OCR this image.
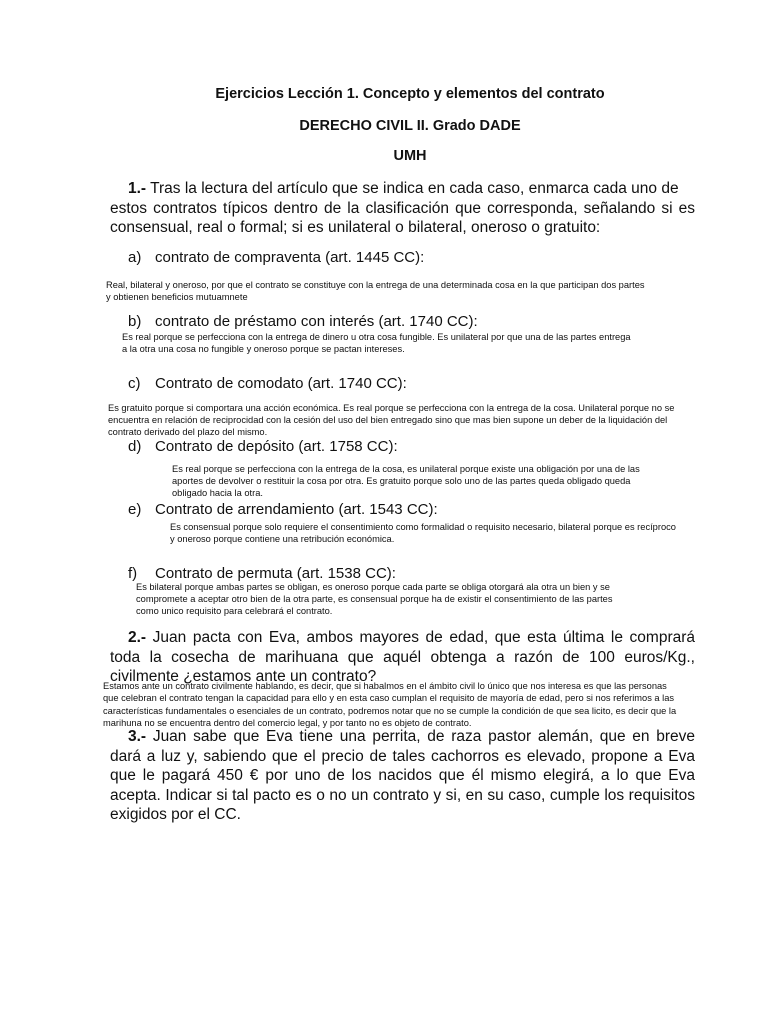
Ejercicios Lección 1. Concepto y elementos del contrato
DERECHO CIVIL II. Grado DADE
UMH
1.- Tras la lectura del artículo que se indica en cada caso, enmarca cada uno de
estos contratos típicos dentro de la clasificación que corresponda, señalando si es
consensual, real o formal; si es unilateral o bilateral, oneroso o gratuito:
a) contrato de compraventa (art. 1445 CC):

Real, bilateral y oneroso, por que el contrato se constituye con la entrega de una determinada cosa en la que participan dos partes

y obtienen beneficios mutuamnete

b) contrato de préstamo con interés (art. 1740 CC):

Es real porque se perfecciona con la entrega de dinero u otra cosa fungible. Es unilateral por que una de las partes entrega

a la otra una cosa no fungible y oneroso porque se pactan intereses.

c) Contrato de comodato (art. 1740 CC):

Es gratuito porque si comportara una acción económica. Es real porque se perfecciona con la entrega de la cosa. Unilateral porque no se

encuentra en relación de reciprocidad con la cesión del uso del bien entregado sino que mas bien supone un deber de la liquidación del

contrato derivado del plazo del mismo.

d) Contrato de depósito (art. 1758 CC):

Es real porque se perfecciona con la entrega de la cosa, es unilateral porque existe una obligación por una de las

aportes de devolver o restituir la cosa por otra. Es gratuito porque solo uno de las partes queda obligado queda

obligado hacia la otra.

e) Contrato de arrendamiento (art. 1543 CC):

Es consensual porque solo requiere el consentimiento como formalidad o requisito necesario, bilateral porque es recíproco

y oneroso porque contiene una retribución económica.

f) Contrato de permuta (art. 1538 CC):

Es bilateral porque ambas partes se obligan, es oneroso porque cada parte se obliga otorgará ala otra un bien y se

compromete a aceptar otro bien de la otra parte, es consensual porque ha de existir el consentimiento de las partes

como unico requisito para celebrará el contrato.

2.- Juan pacta con Eva, ambos mayores de edad, que esta última le comprará
toda la cosecha de marihuana que aquél obtenga a razón de 100 euros/Kg.,
civilmente ¿estamos ante un contrato?

Estamos ante un contrato civilmente hablando, es decir, que si habalmos en el ámbito civil lo único que nos interesa es que las personas

que celebran el contrato tengan la capacidad para ello y en esta caso cumplan el requisito de mayoría de edad, pero si nos referimos a las

características fundamentales o esenciales de un contrato, podremos notar que no se cumple la condición de que sea licito, es decir que la

marihuna no se encuentra dentro del comercio legal, y por tanto no es objeto de contrato.

3.- Juan sabe que Eva tiene una perrita, de raza pastor alemán, que en breve
dará a luz y, sabiendo que el precio de tales cachorros es elevado, propone a Eva
que le pagará 450 € por uno de los nacidos que él mismo elegirá, a lo que Eva
acepta. Indicar si tal pacto es o no un contrato y si, en su caso, cumple los requisitos
exigidos por el CC.
